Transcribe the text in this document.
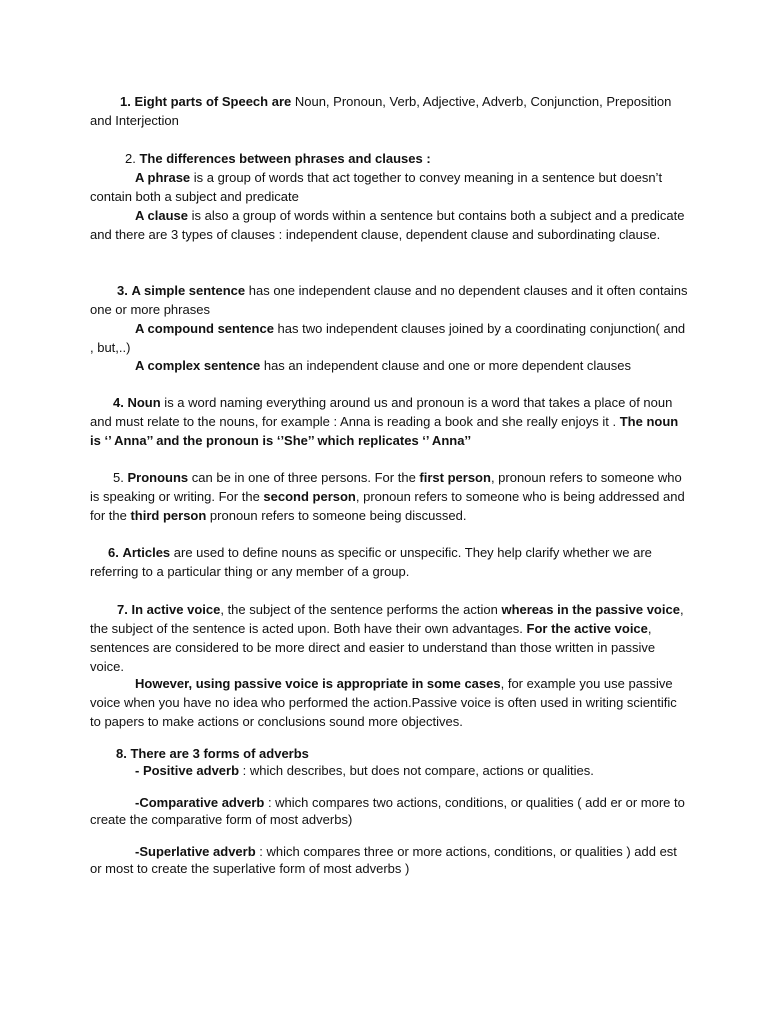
1. Eight parts of Speech are Noun, Pronoun, Verb, Adjective, Adverb, Conjunction, Preposition and Interjection
2. The differences between phrases and clauses :
A phrase is a group of words that act together to convey meaning in a sentence but doesn’t contain both a subject and predicate
A clause is also a group of words within a sentence but contains both a subject and a predicate and there are 3 types of clauses : independent clause, dependent clause and subordinating clause.
3. A simple sentence has one independent clause and no dependent clauses and it often contains one or more phrases
A compound sentence has two independent clauses joined by a coordinating conjunction( and , but,..)
A complex sentence has an independent clause and one or more dependent clauses
4. Noun is a word naming everything around us and pronoun is a word that takes a place of noun and must relate to the nouns, for example : Anna is reading a book and she really enjoys it . The noun is ‘’ Anna’’ and the pronoun is ‘’She’’ which replicates ‘’ Anna’’
5. Pronouns can be in one of three persons. For the first person, pronoun refers to someone who is speaking or writing. For the second person, pronoun refers to someone who is being addressed and for the third person pronoun refers to someone being discussed.
6. Articles are used to define nouns as specific or unspecific. They help clarify whether we are referring to a particular thing or any member of a group.
7. In active voice, the subject of the sentence performs the action whereas in the passive voice, the subject of the sentence is acted upon. Both have their own advantages. For the active voice, sentences are considered to be more direct and easier to understand than those written in passive voice.
However, using passive voice is appropriate in some cases, for example you use passive voice when you have no idea who performed the action.Passive voice is often used in writing scientific to papers to make actions or conclusions sound more objectives.
8. There are 3 forms of adverbs
- Positive adverb : which describes, but does not compare, actions or qualities.
-Comparative adverb : which compares two actions, conditions, or qualities ( add er or more to create the comparative form of most adverbs)
-Superlative adverb : which compares three or more actions, conditions, or qualities ) add est or most to create the superlative form of most adverbs )
